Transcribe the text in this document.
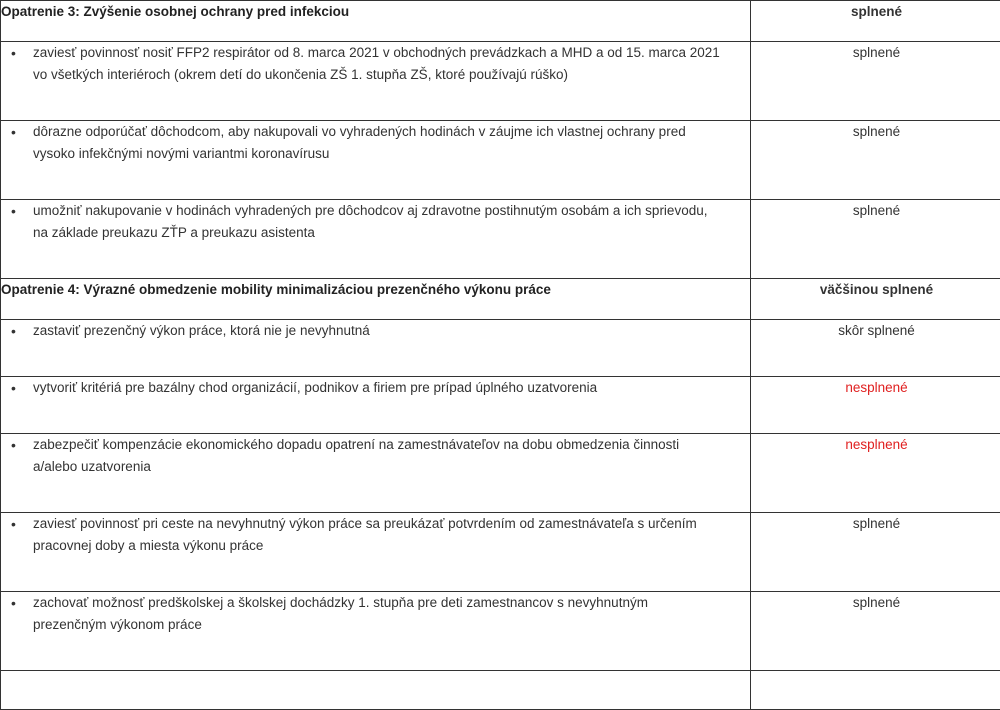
Opatrenie 3: Zvýšenie osobnej ochrany pred infekciou	splnené

• zaviesť povinnosť nosiť FFP2 respirátor od 8. marca 2021 v obchodných prevádzkach a MHD a od 15. marca 2021 vo všetkých interiéroch (okrem detí do ukončenia ZŠ 1. stupňa ZŠ, ktoré používajú rúško)	splnené

• dôrazne odporúčať dôchodcom, aby nakupovali vo vyhradených hodinách v záujme ich vlastnej ochrany pred vysoko infekčnými novými variantmi koronavírusu	splnené

• umožniť nakupovanie v hodinách vyhradených pre dôchodcov aj zdravotne postihnutým osobám a ich sprievodu, na základe preukazu ZŤP a preukazu asistenta	splnené
Opatrenie 4: Výrazné obmedzenie mobility minimalizáciou prezenčného výkonu práce	väčšinou splnené

• zastaviť prezenčný výkon práce, ktorá nie je nevyhnutná	skôr splnené

• vytvoriť kritériá pre bazálny chod organizácií, podnikov a firiem pre prípad úplného uzatvorenia	nesplnené

• zabezpečiť kompenzácie ekonomického dopadu opatrení na zamestnávateľov na dobu obmedzenia činnosti a/alebo uzatvorenia	nesplnené

• zaviesť povinnosť pri ceste na nevyhnutný výkon práce sa preukázať potvrdením od zamestnávateľa s určením pracovnej doby a miesta výkonu práce	splnené

• zachovať možnosť predškolskej a školskej dochádzky 1. stupňa pre deti zamestnancov s nevyhnutným prezenčným výkonom práce	splnené
